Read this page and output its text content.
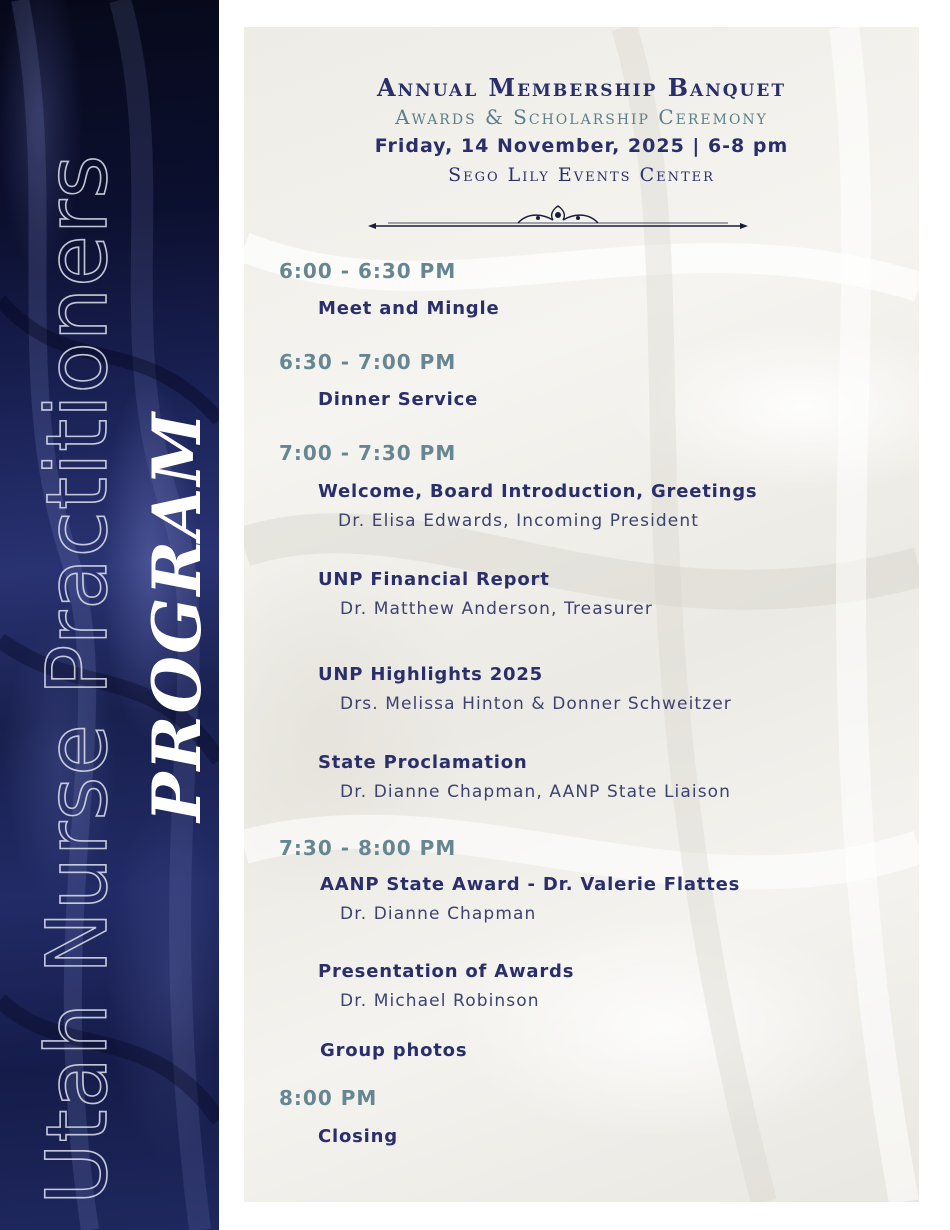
Utah Nurse Practitioners PROGRAM
Annual Membership Banquet
Awards & Scholarship Ceremony
Friday, 14 November, 2025 | 6-8 pm
Sego Lily Events Center
6:00 - 6:30 PM
Meet and Mingle
6:30 - 7:00 PM
Dinner Service
7:00 - 7:30 PM
Welcome, Board Introduction, Greetings
Dr. Elisa Edwards, Incoming President
UNP Financial Report
Dr. Matthew Anderson, Treasurer
UNP Highlights 2025
Drs. Melissa Hinton & Donner Schweitzer
State Proclamation
Dr. Dianne Chapman, AANP State Liaison
7:30 - 8:00 PM
AANP State Award - Dr. Valerie Flattes
Dr. Dianne Chapman
Presentation of Awards
Dr. Michael Robinson
Group photos
8:00 PM
Closing
